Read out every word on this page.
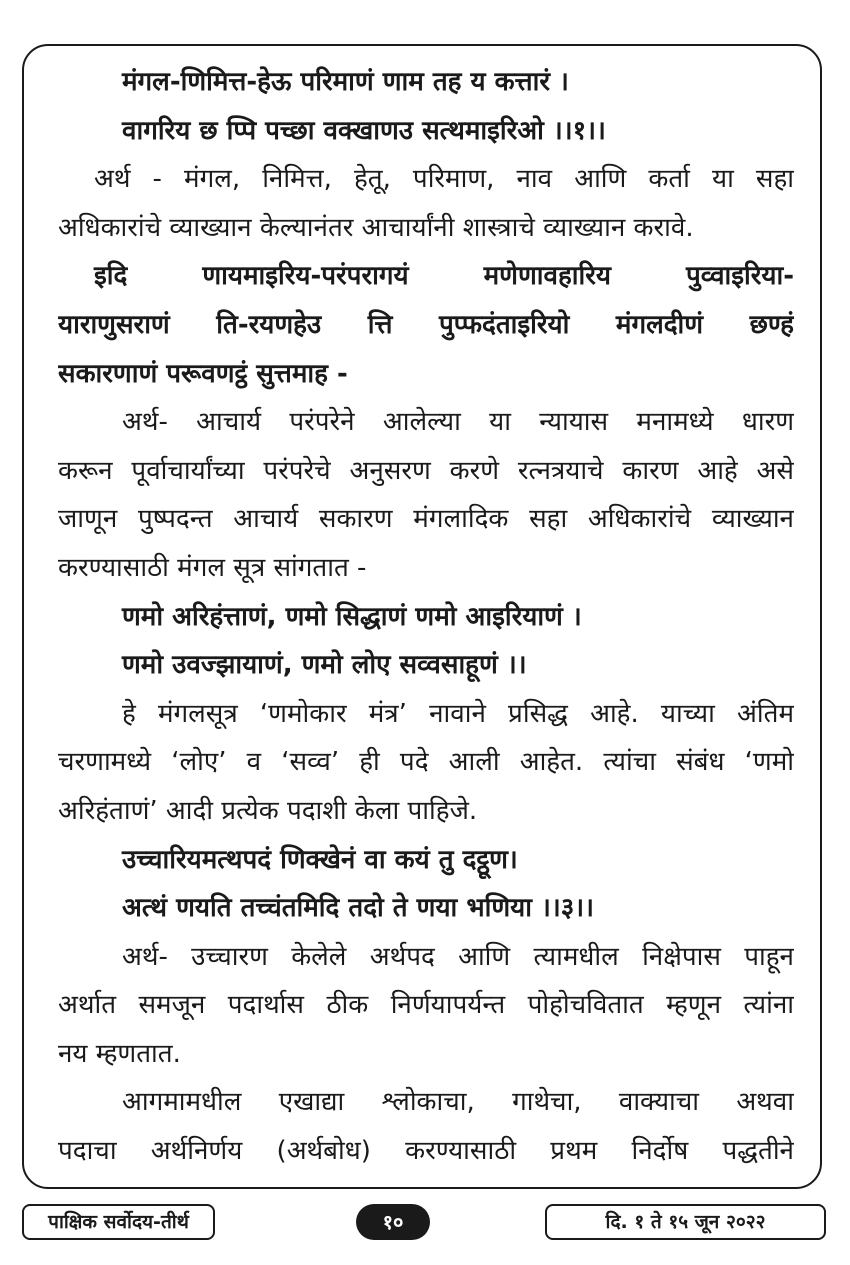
मंगल-णिमित्त-हेऊ परिमाणं णाम तह य कत्तारं ।
वागरिय छ प्पि पच्छा वक्खाणउ सत्थमाइरिओ ।।१।।
अर्थ - मंगल, निमित्त, हेतू, परिमाण, नाव आणि कर्ता या सहा
अधिकारांचे व्याख्यान केल्यानंतर आचार्यांनी शास्त्राचे व्याख्यान करावे.
इदि णायमाइरिय-परंपरागयं मणेणावहारिय पुव्वाइरिया-
याराणुसराणं ति-रयणहेउ त्ति पुप्फदंताइरियो मंगलदीणं छण्हं
सकारणाणं परूवणट्ठं सुत्तमाह -
अर्थ- आचार्य परंपरेने आलेल्या या न्यायास मनामध्ये धारण
करून पूर्वाचार्यांच्या परंपरेचे अनुसरण करणे रत्नत्रयाचे कारण आहे असे
जाणून पुष्पदन्त आचार्य सकारण मंगलादिक सहा अधिकारांचे व्याख्यान
करण्यासाठी मंगल सूत्र सांगतात -
णमो अरिहंत्ताणं, णमो सिद्धाणं णमो आइरियाणं ।
णमो उवज्झायाणं, णमो लोए सव्वसाहूणं ।।
हे मंगलसूत्र ‘णमोकार मंत्र’ नावाने प्रसिद्ध आहे. याच्या अंतिम
चरणामध्ये ‘लोए’ व ‘सव्व’ ही पदे आली आहेत. त्यांचा संबंध ‘णमो
अरिहंताणं’ आदी प्रत्येक पदाशी केला पाहिजे.
उच्चारियमत्थपदं णिक्खेनं वा कयं तु दट्ठूण।
अत्थं णयति तच्चंतमिदि तदो ते णया भणिया ।।३।।
अर्थ- उच्चारण केलेले अर्थपद आणि त्यामधील निक्षेपास पाहून
अर्थात समजून पदार्थास ठीक निर्णयापर्यन्त पोहोचवितात म्हणून त्यांना
नय म्हणतात.
आगमामधील एखाद्या श्लोकाचा, गाथेचा, वाक्याचा अथवा
पदाचा अर्थनिर्णय (अर्थबोध) करण्यासाठी प्रथम निर्दोष पद्धतीने
पाक्षिक सर्वोदय-तीर्थ	१०	दि. १ ते १५ जून २०२२
